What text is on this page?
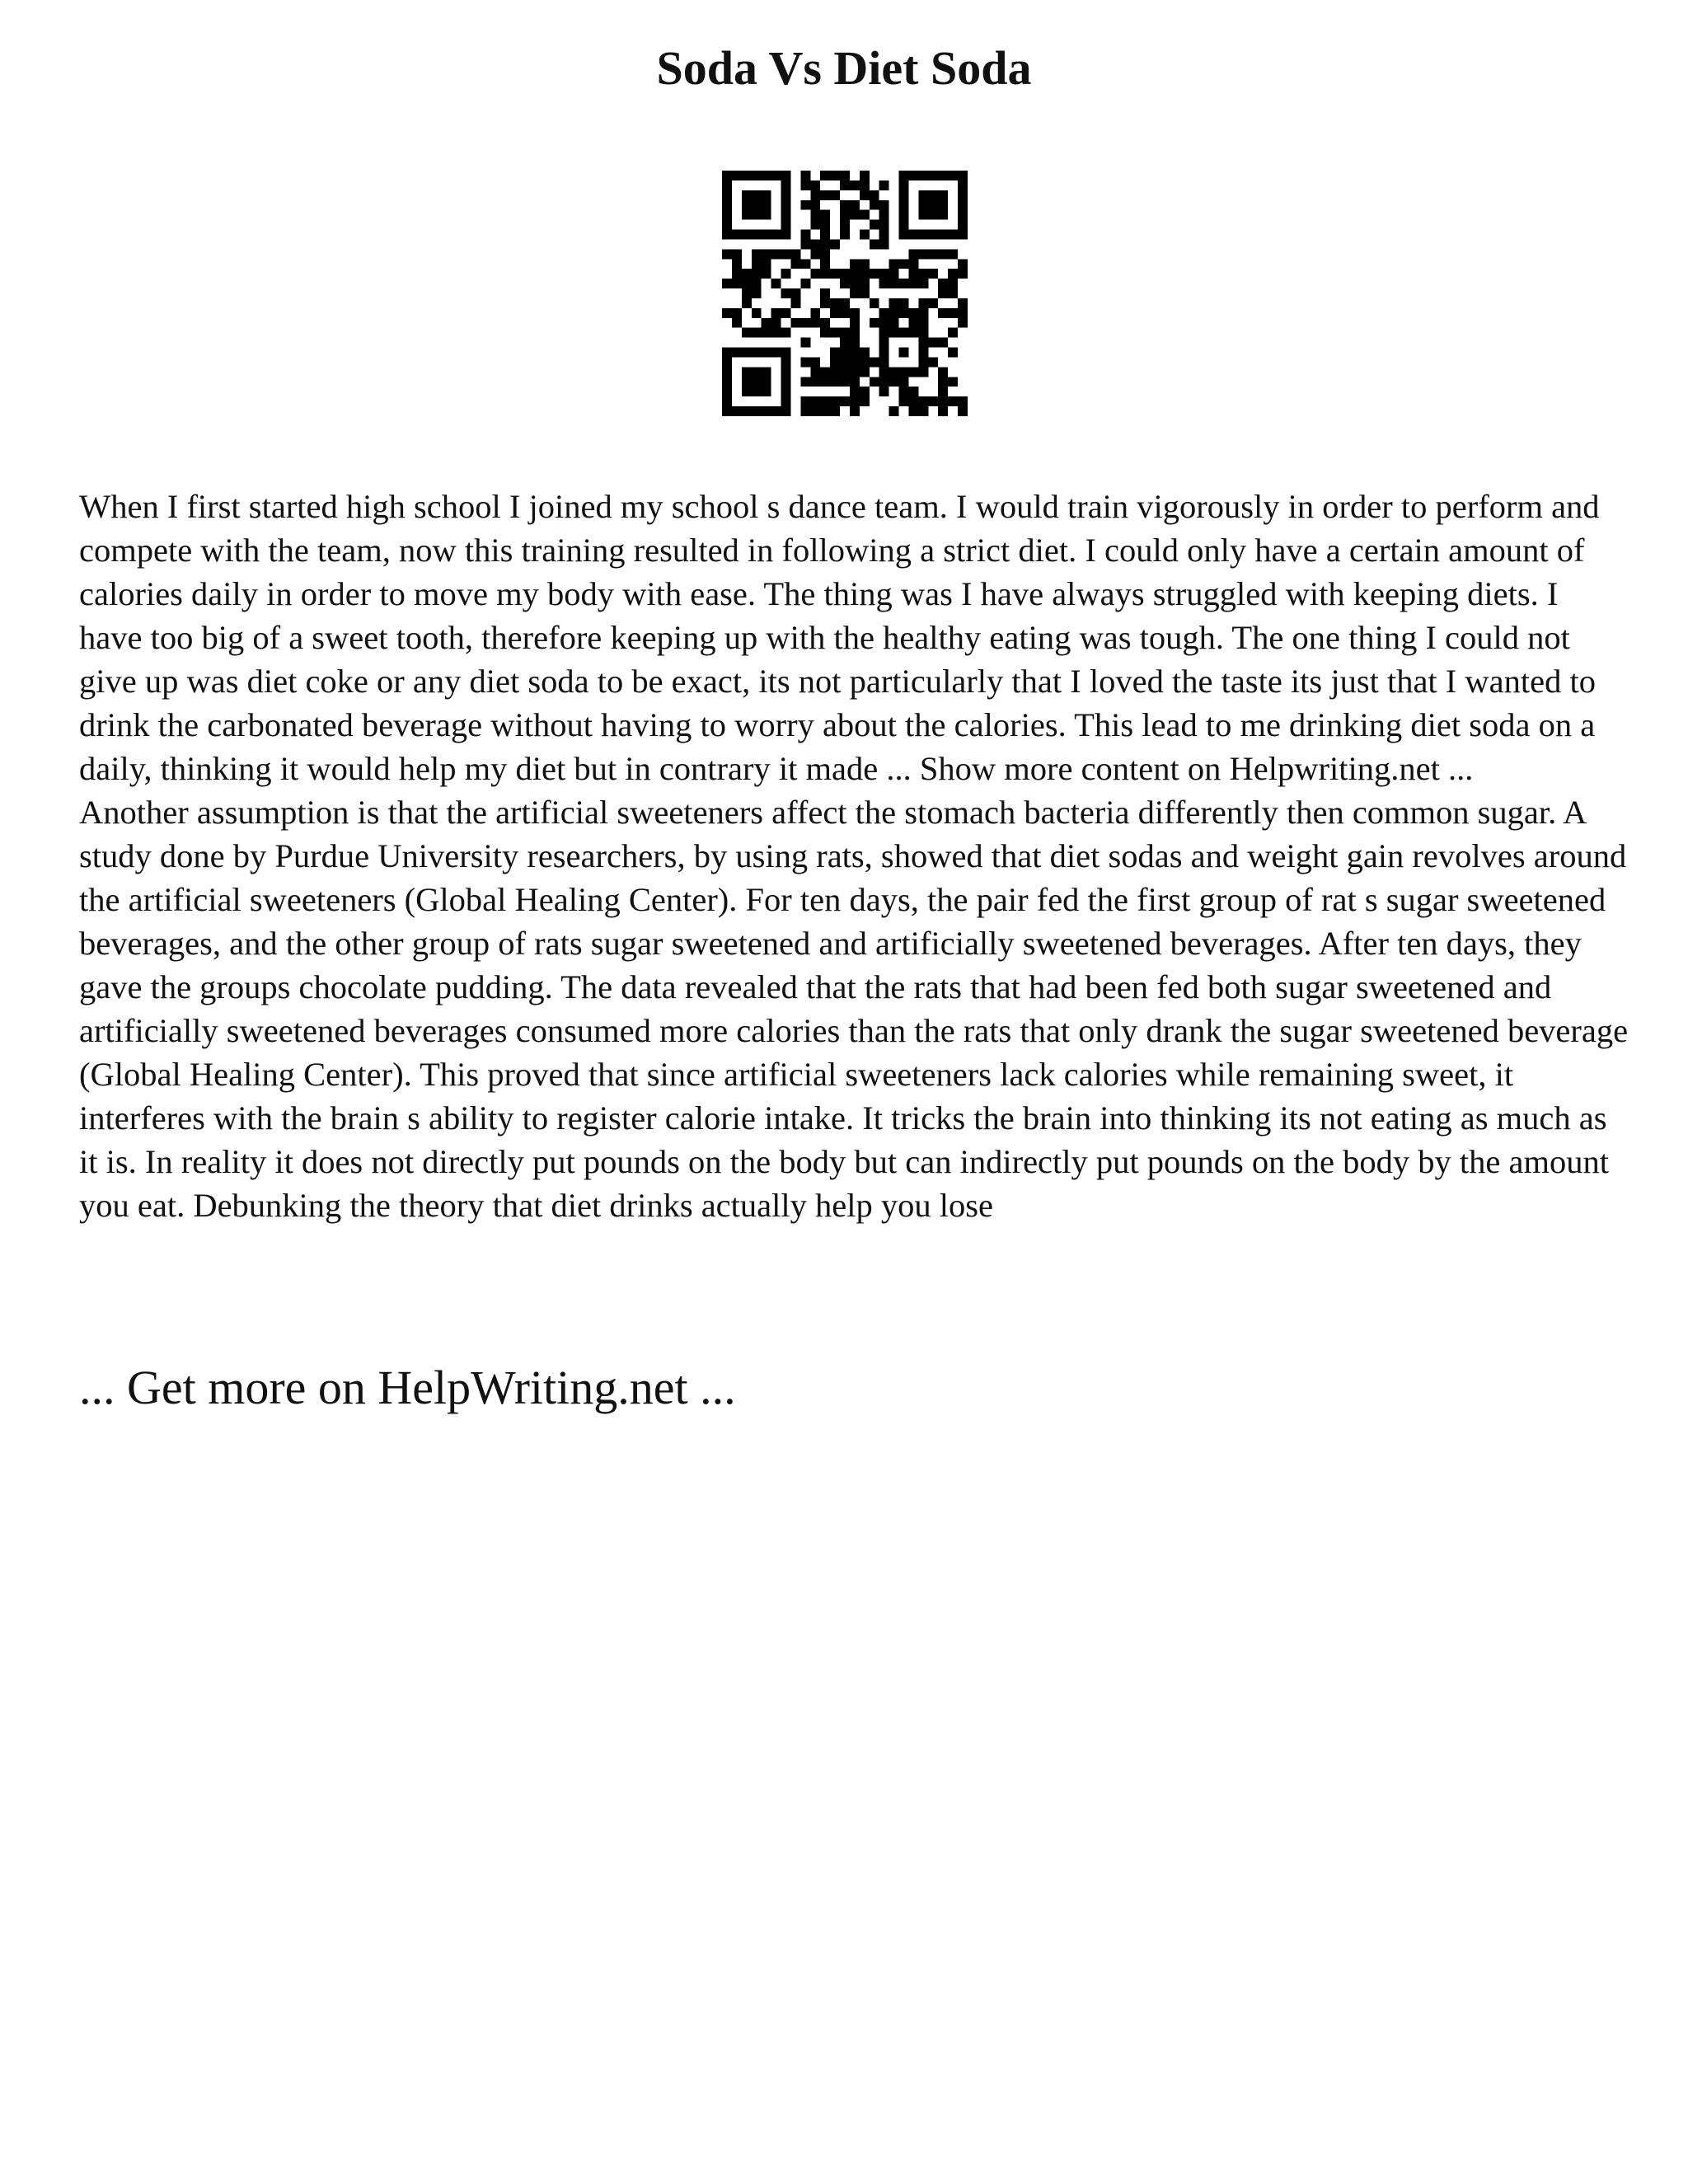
Soda Vs Diet Soda

When I first started high school I joined my school s dance team. I would train vigorously in order to perform and compete with the team, now this training resulted in following a strict diet. I could only have a certain amount of calories daily in order to move my body with ease. The thing was I have always struggled with keeping diets. I have too big of a sweet tooth, therefore keeping up with the healthy eating was tough. The one thing I could not give up was diet coke or any diet soda to be exact, its not particularly that I loved the taste its just that I wanted to drink the carbonated beverage without having to worry about the calories. This lead to me drinking diet soda on a daily, thinking it would help my diet but in contrary it made ... Show more content on Helpwriting.net ...

Another assumption is that the artificial sweeteners affect the stomach bacteria differently then common sugar. A study done by Purdue University researchers, by using rats, showed that diet sodas and weight gain revolves around the artificial sweeteners (Global Healing Center). For ten days, the pair fed the first group of rat s sugar sweetened beverages, and the other group of rats sugar sweetened and artificially sweetened beverages. After ten days, they gave the groups chocolate pudding. The data revealed that the rats that had been fed both sugar sweetened and artificially sweetened beverages consumed more calories than the rats that only drank the sugar sweetened beverage (Global Healing Center). This proved that since artificial sweeteners lack calories while remaining sweet, it interferes with the brain s ability to register calorie intake. It tricks the brain into thinking its not eating as much as it is. In reality it does not directly put pounds on the body but can indirectly put pounds on the body by the amount you eat. Debunking the theory that diet drinks actually help you lose

... Get more on HelpWriting.net ...
